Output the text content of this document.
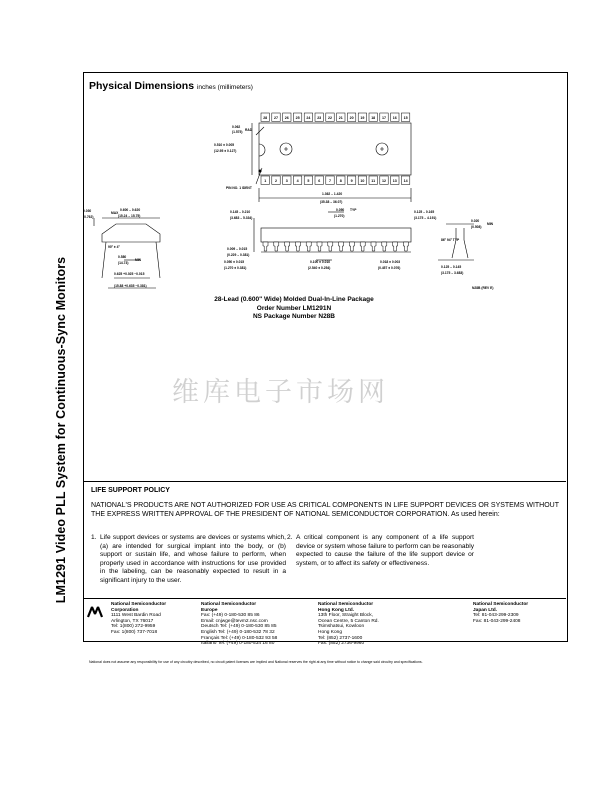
LM1291 Video PLL System for Continuous-Sync Monitors
Physical Dimensions inches (millimeters)
28 27 26 25 24 23 22 21 20 19 18 17 16 15
1 2 3 4 5 6 7 8 9 10 11 12 13 14
0.062
(1.575) RAD
0.510 ± 0.005
(12.95 ± 0.127)
PIN NO. 1 IDENT
1.362 – 1.420
(35.38 – 36.07)
0.030
(0.762)
MAX
0.600 – 0.620
(15.24 – 15.75)
90° ± 4°
0.580
(14.73)
MIN
0.625 +0.025 −0.015
(15.88 +0.635 −0.381)
0.145 – 0.210
(3.683 – 5.334)
0.009 – 0.015
(0.229 – 0.381)
0.050 ± 0.015
(1.270 ± 0.381)
0.100 ± 0.010
(2.540 ± 0.254)
0.050
(1.270)
TYP
0.018 ± 0.003
(0.457 ± 0.076)
0.125 – 0.165
(3.175 – 4.191)
0.020
(0.508)
MIN
86° 94° TYP
0.125 – 0.145
(3.175 – 3.683)
N28B (REV E)
28-Lead (0.600" Wide) Molded Dual-In-Line Package
Order Number LM1291N
NS Package Number N28B
维库电子市场网
LIFE SUPPORT POLICY
NATIONAL'S PRODUCTS ARE NOT AUTHORIZED FOR USE AS CRITICAL COMPONENTS IN LIFE SUPPORT DEVICES OR SYSTEMS WITHOUT THE EXPRESS WRITTEN APPROVAL OF THE PRESIDENT OF NATIONAL SEMICONDUCTOR CORPORATION. As used herein:
1. Life support devices or systems are devices or systems which, (a) are intended for surgical implant into the body, or (b) support or sustain life, and whose failure to perform, when properly used in accordance with instructions for use provided in the labeling, can be reasonably expected to result in a significant injury to the user.
2. A critical component is any component of a life support device or system whose failure to perform can be reasonably expected to cause the failure of the life support device or system, or to affect its safety or effectiveness.
National Semiconductor
Corporation
1111 West Bardin Road
Arlington, TX 76017
Tel: 1(800) 272-9959
Fax: 1(800) 737-7018
National Semiconductor
Europe
Fax: (+49) 0-180-530 85 86
Email: cnjwge@tevm2.nsc.com
Deutsch Tel: (+49) 0-180-530 85 85
English Tel: (+49) 0-180-532 78 32
Français Tel: (+49) 0-180-532 93 58
Italiano Tel: (+49) 0-180-534 16 80
National Semiconductor
Hong Kong Ltd.
13th Floor, Straight Block,
Ocean Centre, 5 Canton Rd.
Tsimshatsui, Kowloon
Hong Kong
Tel: (852) 2737-1600
Fax: (852) 2736-9960
National Semiconductor
Japan Ltd.
Tel: 81-043-299-2309
Fax: 81-043-299-2408
National does not assume any responsibility for use of any circuitry described, no circuit patent licenses are implied and National reserves the right at any time without notice to change said circuitry and specifications.
